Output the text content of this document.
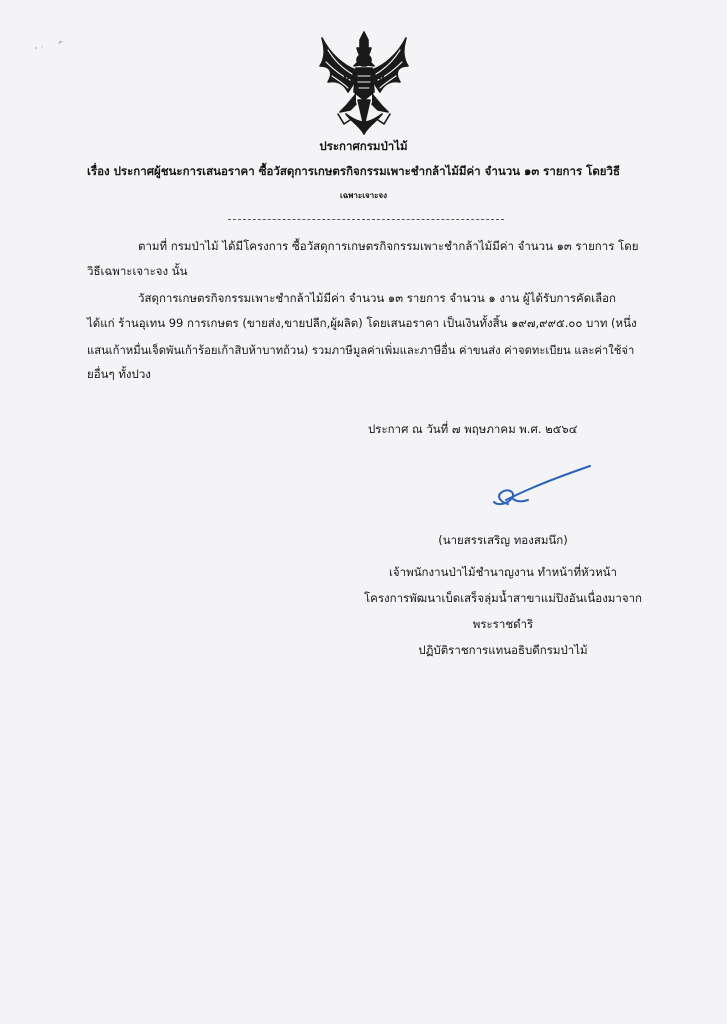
ประกาศกรมป่าไม้
เรื่อง ประกาศผู้ชนะการเสนอราคา ซื้อวัสดุการเกษตรกิจกรรมเพาะชำกล้าไม้มีค่า จำนวน ๑๓ รายการ โดยวิธี
เฉพาะเจาะจง
ตามที่ กรมป่าไม้ ได้มีโครงการ ซื้อวัสดุการเกษตรกิจกรรมเพาะชำกล้าไม้มีค่า จำนวน ๑๓ รายการ โดย
วิธีเฉพาะเจาะจง นั้น
วัสดุการเกษตรกิจกรรมเพาะชำกล้าไม้มีค่า จำนวน ๑๓ รายการ จำนวน ๑ งาน ผู้ได้รับการคัดเลือก
ได้แก่ ร้านอุเทน 99 การเกษตร (ขายส่ง,ขายปลีก,ผู้ผลิต) โดยเสนอราคา เป็นเงินทั้งสิ้น ๑๙๗,๙๙๕.๐๐ บาท (หนึ่ง
แสนเก้าหมื่นเจ็ดพันเก้าร้อยเก้าสิบห้าบาทถ้วน) รวมภาษีมูลค่าเพิ่มและภาษีอื่น ค่าขนส่ง ค่าจดทะเบียน และค่าใช้จ่า
ยอื่นๆ ทั้งปวง
ประกาศ ณ วันที่ ๗ พฤษภาคม พ.ศ. ๒๕๖๔
(นายสรรเสริญ ทองสมนึก)
เจ้าพนักงานป่าไม้ชำนาญงาน ทำหน้าที่หัวหน้า
โครงการพัฒนาเบ็ดเสร็จลุ่มน้ำสาขาแม่ปิงอันเนื่องมาจาก
พระราชดำริ
ปฏิบัติราชการแทนอธิบดีกรมป่าไม้
